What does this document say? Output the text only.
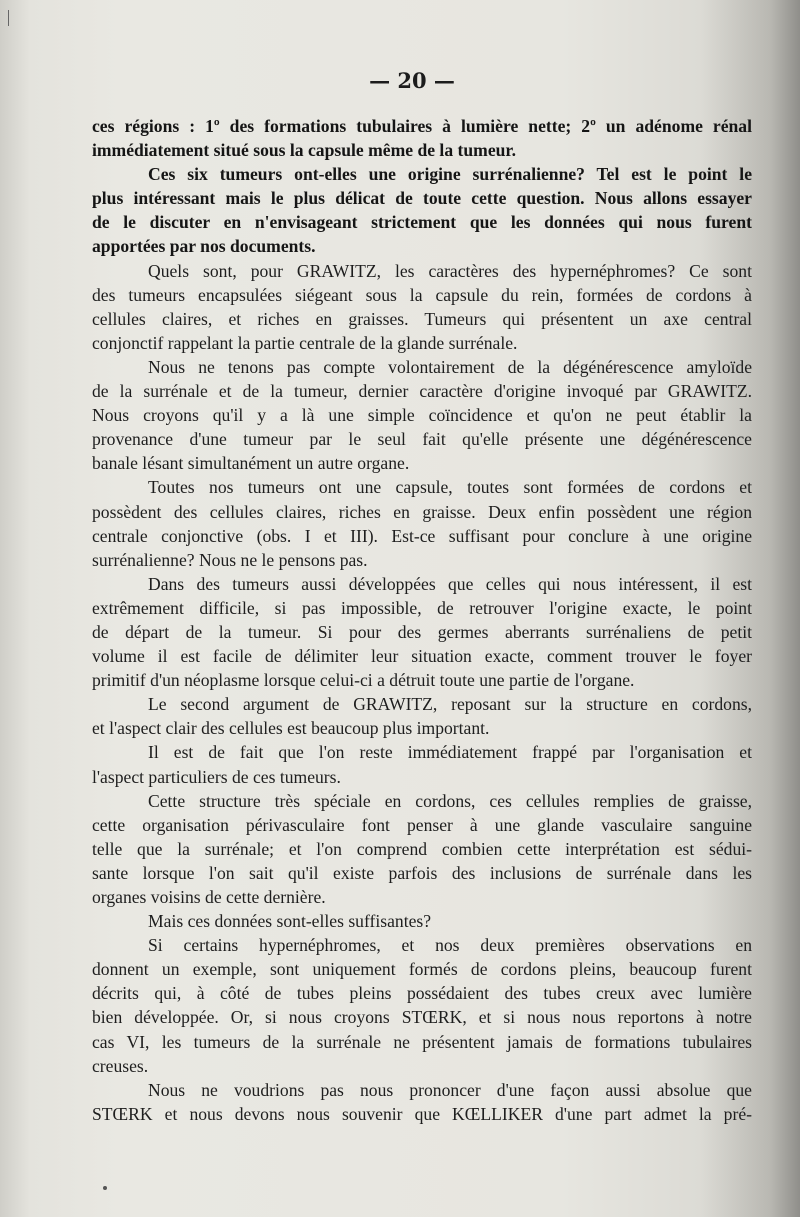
— 20 —
ces régions : 1º des formations tubulaires à lumière nette; 2º un adénome rénal
immédiatement situé sous la capsule même de la tumeur.
Ces six tumeurs ont-elles une origine surrénalienne? Tel est le point le
plus intéressant mais le plus délicat de toute cette question. Nous allons essayer
de le discuter en n'envisageant strictement que les données qui nous furent
apportées par nos documents.
Quels sont, pour GRAWITZ, les caractères des hypernéphromes? Ce sont
des tumeurs encapsulées siégeant sous la capsule du rein, formées de cordons à
cellules claires, et riches en graisses. Tumeurs qui présentent un axe central
conjonctif rappelant la partie centrale de la glande surrénale.
Nous ne tenons pas compte volontairement de la dégénérescence amyloïde
de la surrénale et de la tumeur, dernier caractère d'origine invoqué par GRAWITZ.
Nous croyons qu'il y a là une simple coïncidence et qu'on ne peut établir la
provenance d'une tumeur par le seul fait qu'elle présente une dégénérescence
banale lésant simultanément un autre organe.
Toutes nos tumeurs ont une capsule, toutes sont formées de cordons et
possèdent des cellules claires, riches en graisse. Deux enfin possèdent une région
centrale conjonctive (obs. I et III). Est-ce suffisant pour conclure à une origine
surrénalienne? Nous ne le pensons pas.
Dans des tumeurs aussi développées que celles qui nous intéressent, il est
extrêmement difficile, si pas impossible, de retrouver l'origine exacte, le point
de départ de la tumeur. Si pour des germes aberrants surrénaliens de petit
volume il est facile de délimiter leur situation exacte, comment trouver le foyer
primitif d'un néoplasme lorsque celui-ci a détruit toute une partie de l'organe.
Le second argument de GRAWITZ, reposant sur la structure en cordons,
et l'aspect clair des cellules est beaucoup plus important.
Il est de fait que l'on reste immédiatement frappé par l'organisation et
l'aspect particuliers de ces tumeurs.
Cette structure très spéciale en cordons, ces cellules remplies de graisse,
cette organisation périvasculaire font penser à une glande vasculaire sanguine
telle que la surrénale; et l'on comprend combien cette interprétation est sédui-
sante lorsque l'on sait qu'il existe parfois des inclusions de surrénale dans les
organes voisins de cette dernière.
Mais ces données sont-elles suffisantes?
Si certains hypernéphromes, et nos deux premières observations en
donnent un exemple, sont uniquement formés de cordons pleins, beaucoup furent
décrits qui, à côté de tubes pleins possédaient des tubes creux avec lumière
bien développée. Or, si nous croyons STŒRK, et si nous nous reportons à notre
cas VI, les tumeurs de la surrénale ne présentent jamais de formations tubulaires
creuses.
Nous ne voudrions pas nous prononcer d'une façon aussi absolue que
STŒRK et nous devons nous souvenir que KŒLLIKER d'une part admet la pré-
